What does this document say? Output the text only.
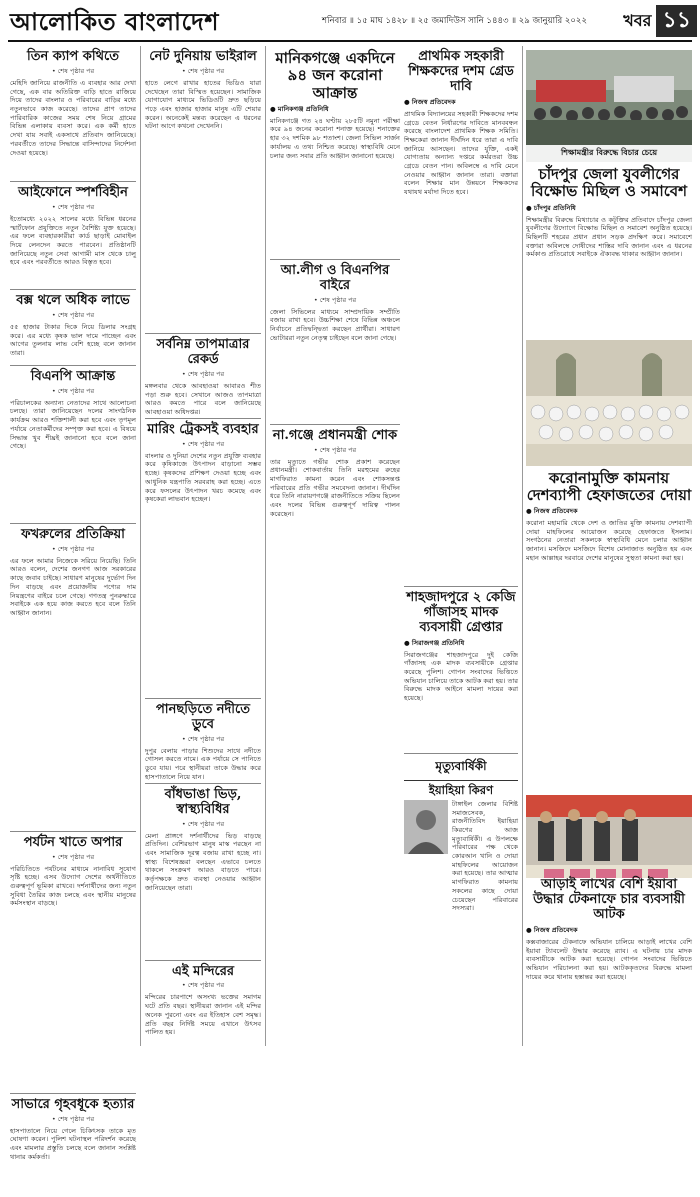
আলোকিত বাংলাদেশ	শনিবার ॥ ১৫ মাঘ ১৪২৮ ॥ ২৫ জমাদিউস সানি ১৪৪৩ ॥ ২৯ জানুয়ারি ২০২২ খবর ১১
তিন ক্যাপ কথিতে
• শেষ পৃষ্ঠার পর
মেহিদি জানিয়ে রাজনীতি এ ব্যবহার আর দেখা গেছে, এক বার অতিরিক্ত বাড়ি হাতে রাজিয়ে দিয়ে তাদের বাংলার ও পরিবারের বাড়ির মধ্যে নতুনভাবে কাজ করেছে। তাদের প্রাণ তাদের পারিবারিক কাজের সময় শেষ নিয়ে গ্রামের বিভিন্ন এলাকায় ব্যবসা করে। এক কর্মী হাতে দেখা যায় সবাই একসাথে প্রতিবাদ জানিয়েছে। পরবর্তীতে তাদের সিদ্ধান্তে বাসিন্দাদের নির্দেশনা দেওয়া হয়েছে।
আইফোনে স্পর্শবিহীন
• শেষ পৃষ্ঠার পর
ইতোমধ্যে ২০২২ সালের মধ্যে বিভিন্ন ধরনের স্মার্টফোন প্রযুক্তিতে নতুন বৈশিষ্ট্য যুক্ত হয়েছে। এর ফলে ব্যবহারকারীরা কার্ড ছাড়াই মোবাইল দিয়ে লেনদেন করতে পারবেন। প্রতিষ্ঠানটি জানিয়েছে নতুন সেবা আগামী মাস থেকে চালু হবে এবং পরবর্তীতে আরও বিস্তৃত হবে।
বক্স থলে অধিক লাভে
• শেষ পৃষ্ঠার পর
৫৫ হাজার টাকার দিকে নিয়ে ডিলার সংগ্রহ করে। এর মধ্যে কৃষক ভাল দামে পাচ্ছেন এবং আগের তুলনায় লাভ বেশি হচ্ছে বলে জানান তারা।
বিএনপি আক্রান্ত
• শেষ পৃষ্ঠার পর
পরিচালকের অন্যান্য নেতাদের সাথে আলোচনা চলছে। তারা জানিয়েছেন দলের সাংগঠনিক কার্যক্রম আরও শক্তিশালী করা হবে এবং তৃণমূল পর্যায়ে নেতাকর্মীদের সম্পৃক্ত করা হবে। এ বিষয়ে সিদ্ধান্ত খুব শীঘ্রই জানানো হবে বলে জানা গেছে।
ফখরুলের প্রতিক্রিয়া
• শেষ পৃষ্ঠার পর
এর ফলে আমার নিজেকে সরিয়ে নিয়েছি। তিনি আরও বলেন, দেশের জনগণ আজ সরকারের কাছে জবাব চাইছে। সাধারণ মানুষের দুর্ভোগ দিন দিন বাড়ছে এবং প্রয়োজনীয় পণ্যের দাম নিয়ন্ত্রণের বাইরে চলে গেছে। গণতন্ত্র পুনরুদ্ধারে সবাইকে এক হয়ে কাজ করতে হবে বলে তিনি আহ্বান জানান।
পর্যটন খাতে অপার
• শেষ পৃষ্ঠার পর
পরিচিতিতে পর্যটনের মাধ্যমে নানাবিধ সুযোগ সৃষ্টি হচ্ছে। এসব উদ্যোগ দেশের অর্থনীতিতে গুরুত্বপূর্ণ ভূমিকা রাখবে। দর্শনার্থীদের জন্য নতুন সুবিধা তৈরির কাজ চলছে এবং স্থানীয় মানুষের কর্মসংস্থান বাড়ছে।
সাভারে গৃহবধূকে হত্যার
• শেষ পৃষ্ঠার পর
হাসপাতালে নিয়ে গেলে চিকিৎসক তাকে মৃত ঘোষণা করেন। পুলিশ ঘটনাস্থল পরিদর্শন করেছে এবং মামলার প্রস্তুতি চলছে বলে জানান সংশ্লিষ্ট থানার কর্মকর্তা।
নেট দুনিয়ায় ভাইরাল
• শেষ পৃষ্ঠার পর
হাতে লেগে রাখার হাতের ভিডিও যারা দেখেছেন তারা বিস্মিত হয়েছেন। সামাজিক যোগাযোগ মাধ্যমে ভিডিওটি দ্রুত ছড়িয়ে পড়ে এবং হাজার হাজার মানুষ এটি শেয়ার করেন। অনেকেই মন্তব্য করেছেন এ ধরনের ঘটনা আগে কখনো দেখেননি।
সর্বনিম্ন তাপমাত্রার রেকর্ড
• শেষ পৃষ্ঠার পর
মঙ্গলবার থেকে আবহাওয়া আবারও শীত পড়া শুরু হবে। সেখানে আজও তাপমাত্রা আরও কমতে পারে বলে জানিয়েছে আবহাওয়া অধিদপ্তর।
মারিং ট্রেকসই ব্যবহার
• শেষ পৃষ্ঠার পর
বাংলার ও দুনিয়া দেশের নতুন প্রযুক্তি ব্যবহার করে কৃষিকাজে উৎপাদন বাড়ানো সম্ভব হচ্ছে। কৃষকদের প্রশিক্ষণ দেওয়া হচ্ছে এবং আধুনিক যন্ত্রপাতি সরবরাহ করা হচ্ছে। এতে করে ফসলের উৎপাদন খরচ কমেছে এবং কৃষকেরা লাভবান হচ্ছেন।
পানছড়িতে নদীতে ডুবে
• শেষ পৃষ্ঠার পর
দুপুর বেলায় পাড়ার শিশুদের সাথে নদীতে গোসল করতে নামে। এক পর্যায়ে সে পানিতে ডুবে যায়। পরে স্থানীয়রা তাকে উদ্ধার করে হাসপাতালে নিয়ে যান।
বাঁধভাঙা ভিড়, স্বাস্থ্যবিধির
• শেষ পৃষ্ঠার পর
মেলা প্রাঙ্গণে দর্শনার্থীদের ভিড় বাড়ছে প্রতিদিন। বেশিরভাগ মানুষ মাস্ক পরছেন না এবং সামাজিক দূরত্ব বজায় রাখা হচ্ছে না। স্বাস্থ্য বিশেষজ্ঞরা বলছেন এভাবে চলতে থাকলে সংক্রমণ আরও বাড়তে পারে। কর্তৃপক্ষকে দ্রুত ব্যবস্থা নেওয়ার আহ্বান জানিয়েছেন তারা।
এই মন্দিরের
• শেষ পৃষ্ঠার পর
মন্দিরের চারপাশে অসংখ্য ভক্তের সমাগম ঘটে প্রতি বছর। স্থানীয়রা জানান এই মন্দির অনেক পুরনো এবং এর ইতিহাস বেশ সমৃদ্ধ। প্রতি বছর নির্দিষ্ট সময়ে এখানে উৎসব পালিত হয়।
মানিকগঞ্জে একদিনে ৯৪ জন করোনা আক্রান্ত
● মানিকগঞ্জ প্রতিনিধি
মানিকগঞ্জে গত ২৪ ঘণ্টায় ২৮৫টি নমুনা পরীক্ষা করে ৯৪ জনের করোনা শনাক্ত হয়েছে। শনাক্তের হার ৩২ দশমিক ৯৮ শতাংশ। জেলা সিভিল সার্জন কার্যালয় এ তথ্য নিশ্চিত করেছে। স্বাস্থ্যবিধি মেনে চলার জন্য সবার প্রতি আহ্বান জানানো হয়েছে।
আ.লীগ ও বিএনপির বাইরে
• শেষ পৃষ্ঠার পর
জেলা সিভিলের মাধ্যমে সাম্প্রদায়িক সম্প্রীতি বজায় রাখা হবে। উচ্চশিক্ষা শেষে বিভিন্ন অঞ্চলে নির্বাচনে প্রতিদ্বন্দ্বিতা করছেন প্রার্থীরা। সাধারণ ভোটাররা নতুন নেতৃত্ব চাইছেন বলে জানা গেছে।
না.গঞ্জে প্রধানমন্ত্রী শোক
• শেষ পৃষ্ঠার পর
তার মৃত্যুতে গভীর শোক প্রকাশ করেছেন প্রধানমন্ত্রী। শোকবার্তায় তিনি মরহুমের রুহের মাগফিরাত কামনা করেন এবং শোকসন্তপ্ত পরিবারের প্রতি গভীর সমবেদনা জানান। দীর্ঘদিন ধরে তিনি নারায়ণগঞ্জে রাজনীতিতে সক্রিয় ছিলেন এবং দলের বিভিন্ন গুরুত্বপূর্ণ দায়িত্ব পালন করেছেন।
প্রাথমিক সহকারী শিক্ষকদের দশম গ্রেড দাবি
● নিজস্ব প্রতিবেদক
প্রাথমিক বিদ্যালয়ের সহকারী শিক্ষকদের দশম গ্রেডে বেতন নির্ধারণের দাবিতে মানববন্ধন করেছে বাংলাদেশ প্রাথমিক শিক্ষক সমিতি। শিক্ষকেরা জানান দীর্ঘদিন ধরে তারা এ দাবি জানিয়ে আসছেন। তাদের যুক্তি, একই যোগ্যতায় অন্যান্য দপ্তরে কর্মরতরা উচ্চ গ্রেডে বেতন পান। অবিলম্বে এ দাবি মেনে নেওয়ার আহ্বান জানান তারা। বক্তারা বলেন শিক্ষার মান উন্নয়নে শিক্ষকদের যথাযথ মর্যাদা দিতে হবে।
শাহজাদপুরে ২ কেজি গাঁজাসহ মাদক ব্যবসায়ী গ্রেপ্তার
● সিরাজগঞ্জ প্রতিনিধি
সিরাজগঞ্জের শাহজাদপুরে দুই কেজি গাঁজাসহ এক মাদক ব্যবসায়ীকে গ্রেপ্তার করেছে পুলিশ। গোপন সংবাদের ভিত্তিতে অভিযান চালিয়ে তাকে আটক করা হয়। তার বিরুদ্ধে মাদক আইনে মামলা দায়ের করা হয়েছে।
মৃত্যুবার্ষিকী
ইয়াহিয়া কিরণ
টাঙ্গাইল জেলার বিশিষ্ট সমাজসেবক, রাজনীতিবিদ ইয়াহিয়া কিরণের আজ মৃত্যুবার্ষিকী। এ উপলক্ষে পরিবারের পক্ষ থেকে কোরআন খানি ও দোয়া মাহফিলের আয়োজন করা হয়েছে। তার আত্মার মাগফিরাত কামনায় সকলের কাছে দোয়া চেয়েছেন পরিবারের সদস্যরা।
শিক্ষামন্ত্রীর বিরুদ্ধে বিচার চেয়ে
চাঁদপুর জেলা যুবলীগের বিক্ষোভ মিছিল ও সমাবেশ
● চাঁদপুর প্রতিনিধি
শিক্ষামন্ত্রীর বিরুদ্ধে মিথ্যাচার ও কটূক্তির প্রতিবাদে চাঁদপুর জেলা যুবলীগের উদ্যোগে বিক্ষোভ মিছিল ও সমাবেশ অনুষ্ঠিত হয়েছে। মিছিলটি শহরের প্রধান প্রধান সড়ক প্রদক্ষিণ করে। সমাবেশে বক্তারা অবিলম্বে দোষীদের শাস্তির দাবি জানান এবং এ ধরনের কর্মকাণ্ড প্রতিরোধে সবাইকে ঐক্যবদ্ধ থাকার আহ্বান জানান।
করোনামুক্তি কামনায় দেশব্যাপী হেফাজতের দোয়া
● নিজস্ব প্রতিবেদক
করোনা মহামারি থেকে দেশ ও জাতির মুক্তি কামনায় দেশব্যাপী দোয়া মাহফিলের আয়োজন করেছে হেফাজতে ইসলাম। সংগঠনের নেতারা সকলকে স্বাস্থ্যবিধি মেনে চলার আহ্বান জানান। মসজিদে মসজিদে বিশেষ মোনাজাত অনুষ্ঠিত হয় এবং মহান আল্লাহর দরবারে দেশের মানুষের সুস্থতা কামনা করা হয়।
আড়াই লাখের বেশি ইয়াবা উদ্ধার টেকনাফে চার ব্যবসায়ী আটক
● নিজস্ব প্রতিবেদক
কক্সবাজারের টেকনাফে অভিযান চালিয়ে আড়াই লাখের বেশি ইয়াবা ট্যাবলেট উদ্ধার করেছে র‍্যাব। এ ঘটনায় চার মাদক ব্যবসায়ীকে আটক করা হয়েছে। গোপন সংবাদের ভিত্তিতে অভিযান পরিচালনা করা হয়। আটককৃতদের বিরুদ্ধে মামলা দায়ের করে থানায় হস্তান্তর করা হয়েছে।
